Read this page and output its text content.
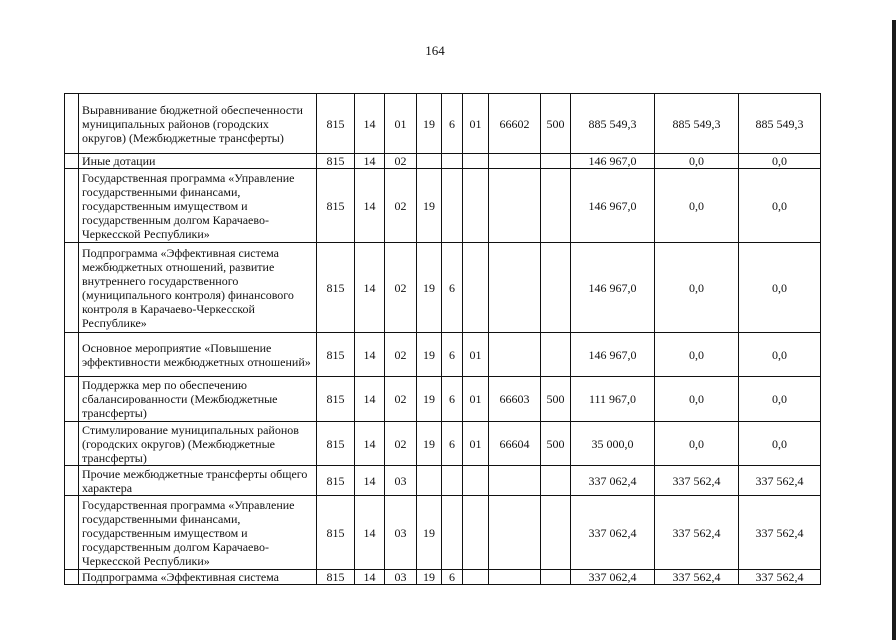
164
	Выравнивание бюджетной обеспеченности муниципальных районов (городских округов) (Межбюджетные трансферты)	815	14	01	19	6	01	66602	500	885 549,3	885 549,3	885 549,3
	Иные дотации	815	14	02						146 967,0	0,0	0,0
	Государственная программа «Управление государственными финансами, государственным имуществом и государственным долгом Карачаево-Черкесской Республики»	815	14	02	19					146 967,0	0,0	0,0
	Подпрограмма «Эффективная система межбюджетных отношений, развитие внутреннего государственного (муниципального контроля) финансового контроля в Карачаево-Черкесской Республике»	815	14	02	19	6				146 967,0	0,0	0,0
	Основное мероприятие «Повышение эффективности межбюджетных отношений»	815	14	02	19	6	01			146 967,0	0,0	0,0
	Поддержка мер по обеспечению сбалансированности (Межбюджетные трансферты)	815	14	02	19	6	01	66603	500	111 967,0	0,0	0,0
	Стимулирование муниципальных районов (городских округов) (Межбюджетные трансферты)	815	14	02	19	6	01	66604	500	35 000,0	0,0	0,0
	Прочие межбюджетные трансферты общего характера	815	14	03						337 062,4	337 562,4	337 562,4
	Государственная программа «Управление государственными финансами, государственным имуществом и государственным долгом Карачаево-Черкесской Республики»	815	14	03	19					337 062,4	337 562,4	337 562,4
	Подпрограмма «Эффективная система	815	14	03	19	6				337 062,4	337 562,4	337 562,4
